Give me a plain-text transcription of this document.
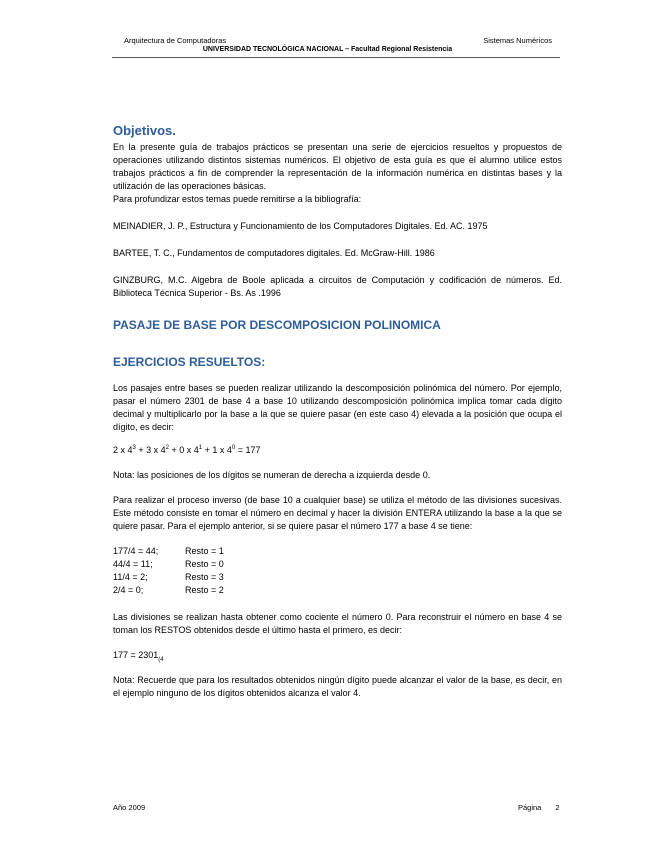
Arquitectura de Computadoras	Sistemas Numéricos
UNIVERSIDAD TECNOLÓGICA NACIONAL – Facultad Regional Resistencia
Objetivos.

En la presente guía de trabajos prácticos se presentan una serie de ejercicios resueltos y propuestos de operaciones utilizando distintos sistemas numéricos. El objetivo de esta guía es que el alumno utilice estos trabajos prácticos a fin de comprender la representación de la información numérica en distintas bases y la utilización de las operaciones básicas.

Para profundizar estos temas puede remitirse a la bibliografía:

MEINADIER, J. P., Estructura y Funcionamiento de los Computadores Digitales. Ed. AC. 1975

BARTEE, T. C., Fundamentos de computadores digitales. Ed. McGraw-Hill. 1986

GINZBURG, M.C. Algebra de Boole aplicada a circuitos de Computación y codificación de números. Ed. Biblioteca Técnica Superior - Bs. As .1996

PASAJE DE BASE POR DESCOMPOSICION POLINOMICA
EJERCICIOS RESUELTOS:

Los pasajes entre bases se pueden realizar utilizando la descomposición polinómica del número. Por ejemplo, pasar el número 2301 de base 4 a base 10 utilizando descomposición polinómica implica tomar cada dígito decimal y multiplicarlo por la base a la que se quiere pasar (en este caso 4) elevada a la posición que ocupa el dígito, es decir:

2 x $4^3 + 3$ x $4^2 + 0$ x $4^1 + 1$ x $4^0 = 177$

Nota: las posiciones de los dígitos se numeran de derecha a izquierda desde 0.

Para realizar el proceso inverso (de base 10 a cualquier base) se utiliza el método de las divisiones sucesivas. Este método consiste en tomar el número en decimal y hacer la división ENTERA utilizando la base a la que se quiere pasar. Para el ejemplo anterior, si se quiere pasar el número 177 a base 4 se tiene:

177/4 = 44;	Resto = 1
44/4 = 11;	Resto = 0
11/4 = 2;	Resto = 3
2/4 = 0;	Resto = 2

Las divisiones se realizan hasta obtener como cociente el número 0. Para reconstruir el número en base 4 se toman los RESTOS obtenidos desde el último hasta el primero, es decir:

$177 = 2301_{(4}$

Nota: Recuerde que para los resultados obtenidos ningún dígito puede alcanzar el valor de la base, es decir, en el ejemplo ninguno de los dígitos obtenidos alcanza el valor 4.

Año 2009	Página 2
